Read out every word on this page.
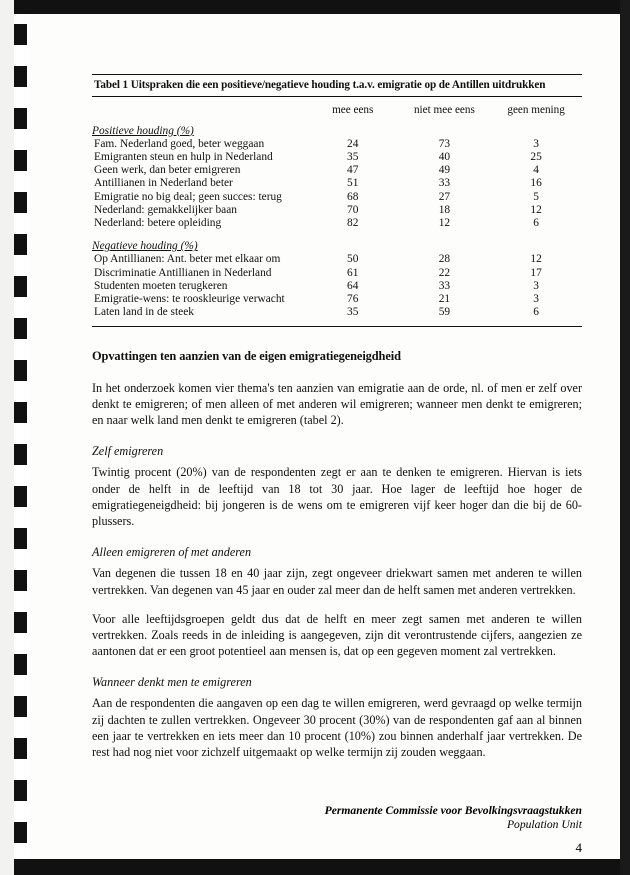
Tabel 1 Uitspraken die een positieve/negatieve houding t.a.v. emigratie op de Antillen uitdrukken
	mee eens	niet mee eens	geen mening
Positieve houding (%)			
Fam. Nederland goed, beter weggaan	24	73	3
Emigranten steun en hulp in Nederland	35	40	25
Geen werk, dan beter emigreren	47	49	4
Antillianen in Nederland beter	51	33	16
Emigratie no big deal; geen succes: terug	68	27	5
Nederland: gemakkelijker baan	70	18	12
Nederland: betere opleiding	82	12	6

Negatieve houding (%)			
Op Antillianen: Ant. beter met elkaar om	50	28	12
Discriminatie Antillianen in Nederland	61	22	17
Studenten moeten terugkeren	64	33	3
Emigratie-wens: te rooskleurige verwacht	76	21	3
Laten land in de steek	35	59	6
Opvattingen ten aanzien van de eigen emigratiegeneigdheid

In het onderzoek komen vier thema's ten aanzien van emigratie aan de orde, nl. of men er zelf over denkt te emigreren; of men alleen of met anderen wil emigreren; wanneer men denkt te emigreren; en naar welk land men denkt te emigreren (tabel 2).

Zelf emigreren

Twintig procent (20%) van de respondenten zegt er aan te denken te emigreren. Hiervan is iets onder de helft in de leeftijd van 18 tot 30 jaar. Hoe lager de leeftijd hoe hoger de emigratiegeneigdheid: bij jongeren is de wens om te emigreren vijf keer hoger dan die bij de 60-plussers.

Alleen emigreren of met anderen

Van degenen die tussen 18 en 40 jaar zijn, zegt ongeveer driekwart samen met anderen te willen vertrekken. Van degenen van 45 jaar en ouder zal meer dan de helft samen met anderen vertrekken.

Voor alle leeftijdsgroepen geldt dus dat de helft en meer zegt samen met anderen te willen vertrekken. Zoals reeds in de inleiding is aangegeven, zijn dit verontrustende cijfers, aangezien ze aantonen dat er een groot potentieel aan mensen is, dat op een gegeven moment zal vertrekken.

Wanneer denkt men te emigreren

Aan de respondenten die aangaven op een dag te willen emigreren, werd gevraagd op welke termijn zij dachten te zullen vertrekken. Ongeveer 30 procent (30%) van de respondenten gaf aan al binnen een jaar te vertrekken en iets meer dan 10 procent (10%) zou binnen anderhalf jaar vertrekken. De rest had nog niet voor zichzelf uitgemaakt op welke termijn zij zouden weggaan.

Permanente Commissie voor Bevolkingsvraagstukken
Population Unit
4
